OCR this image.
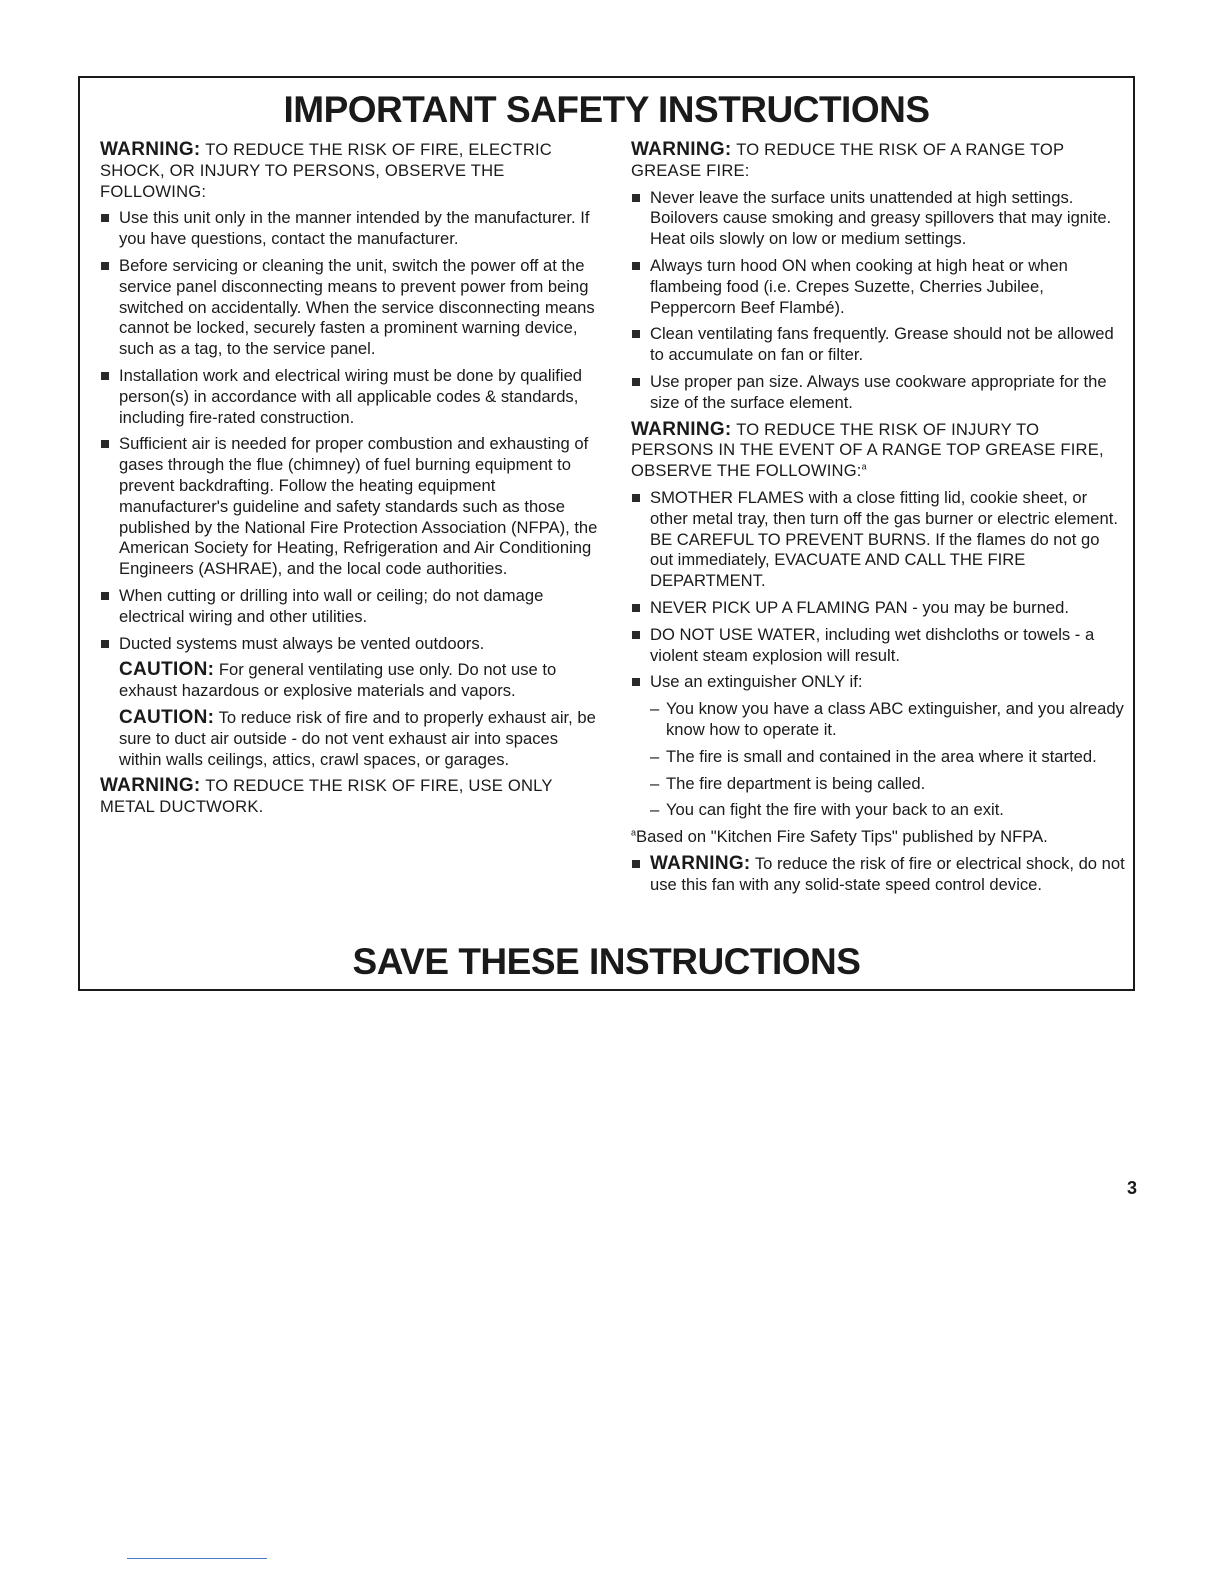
IMPORTANT SAFETY INSTRUCTIONS

WARNING: TO REDUCE THE RISK OF FIRE, ELECTRIC SHOCK, OR INJURY TO PERSONS, OBSERVE THE FOLLOWING:

Use this unit only in the manner intended by the manufacturer. If you have questions, contact the manufacturer.
Before servicing or cleaning the unit, switch the power off at the service panel disconnecting means to prevent power from being switched on accidentally. When the service disconnecting means cannot be locked, securely fasten a prominent warning device, such as a tag, to the service panel.
Installation work and electrical wiring must be done by qualified person(s) in accordance with all applicable codes & standards, including fire-rated construction.
Sufficient air is needed for proper combustion and exhausting of gases through the flue (chimney) of fuel burning equipment to prevent backdrafting. Follow the heating equipment manufacturer's guideline and safety standards such as those published by the National Fire Protection Association (NFPA), the American Society for Heating, Refrigeration and Air Conditioning Engineers (ASHRAE), and the local code authorities.
When cutting or drilling into wall or ceiling; do not damage electrical wiring and other utilities.
Ducted systems must always be vented outdoors.

CAUTION: For general ventilating use only. Do not use to exhaust hazardous or explosive materials and vapors.

CAUTION: To reduce risk of fire and to properly exhaust air, be sure to duct air outside - do not vent exhaust air into spaces within walls ceilings, attics, crawl spaces, or garages.

WARNING: TO REDUCE THE RISK OF FIRE, USE ONLY METAL DUCTWORK.

WARNING: TO REDUCE THE RISK OF A RANGE TOP GREASE FIRE:

Never leave the surface units unattended at high settings. Boilovers cause smoking and greasy spillovers that may ignite. Heat oils slowly on low or medium settings.
Always turn hood ON when cooking at high heat or when flambeing food (i.e. Crepes Suzette, Cherries Jubilee, Peppercorn Beef Flambé).
Clean ventilating fans frequently. Grease should not be allowed to accumulate on fan or filter.
Use proper pan size. Always use cookware appropriate for the size of the surface element.

WARNING: TO REDUCE THE RISK OF INJURY TO PERSONS IN THE EVENT OF A RANGE TOP GREASE FIRE, OBSERVE THE FOLLOWING:$^a$

SMOTHER FLAMES with a close fitting lid, cookie sheet, or other metal tray, then turn off the gas burner or electric element. BE CAREFUL TO PREVENT BURNS. If the flames do not go out immediately, EVACUATE AND CALL THE FIRE DEPARTMENT.
NEVER PICK UP A FLAMING PAN - you may be burned.
DO NOT USE WATER, including wet dishcloths or towels - a violent steam explosion will result.
Use an extinguisher ONLY if:
– You know you have a class ABC extinguisher, and you already know how to operate it.
– The fire is small and contained in the area where it started.
– The fire department is being called.
– You can fight the fire with your back to an exit.

$^a$Based on "Kitchen Fire Safety Tips" published by NFPA.

WARNING: To reduce the risk of fire or electrical shock, do not use this fan with any solid-state speed control device.
SAVE THESE INSTRUCTIONS
3
